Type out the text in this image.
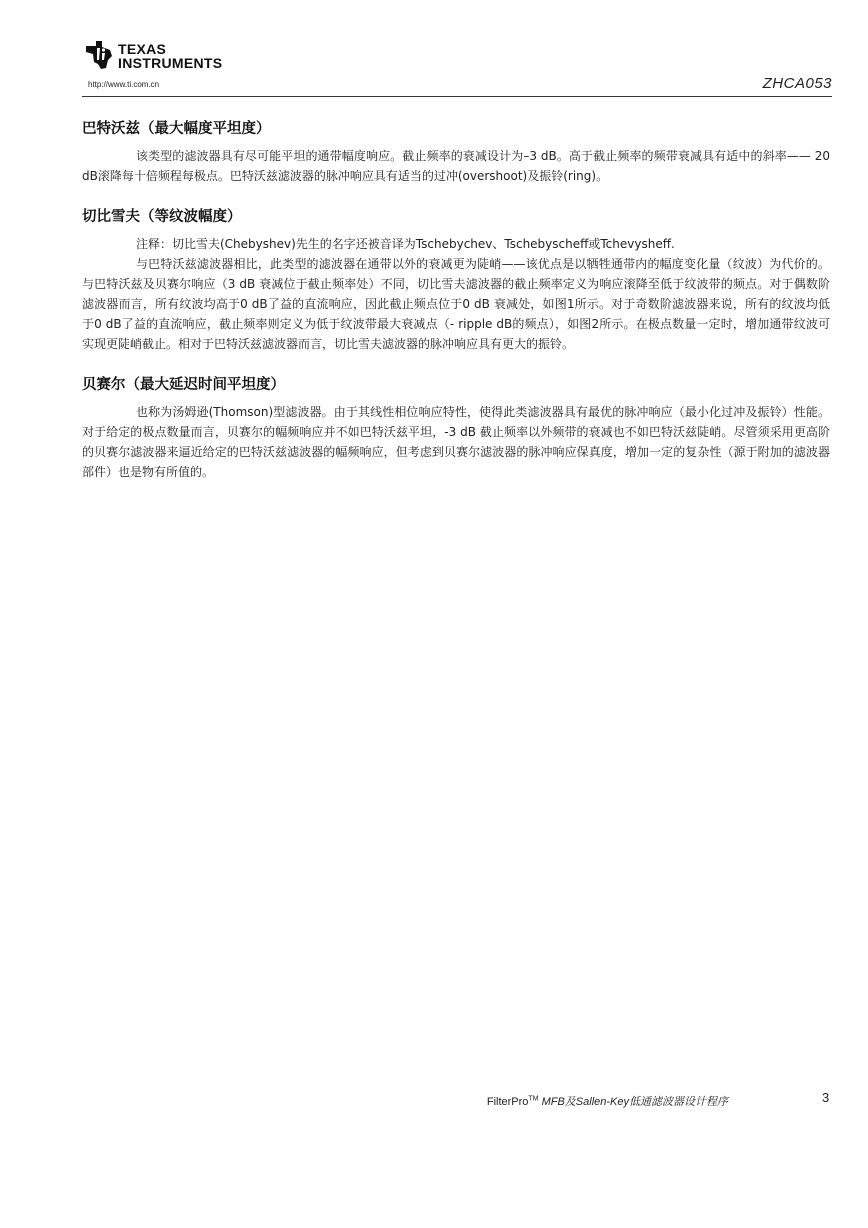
TEXAS
INSTRUMENTS
http://www.ti.com.cn	ZHCA053
巴特沃兹（最大幅度平坦度）

该类型的滤波器具有尽可能平坦的通带幅度响应。截止频率的衰减设计为–3 dB。高于截止频率的频带衰减具有适中的斜率—— 20 dB滚降每十倍频程每极点。巴特沃兹滤波器的脉冲响应具有适当的过冲(overshoot)及振铃(ring)。

切比雪夫（等纹波幅度）

注释：切比雪夫(Chebyshev)先生的名字还被音译为Tschebychev、Tschebyscheff或Tchevysheff.

与巴特沃兹滤波器相比，此类型的滤波器在通带以外的衰减更为陡峭——该优点是以牺牲通带内的幅度变化量（纹波）为代价的。与巴特沃兹及贝赛尔响应（3 dB 衰减位于截止频率处）不同，切比雪夫滤波器的截止频率定义为响应滚降至低于纹波带的频点。对于偶数阶滤波器而言，所有纹波均高于0 dB了益的直流响应，因此截止频点位于0 dB 衰减处，如图1所示。对于奇数阶滤波器来说，所有的纹波均低于0 dB了益的直流响应，截止频率则定义为低于纹波带最大衰减点（- ripple dB的频点），如图2所示。在极点数量一定时，增加通带纹波可实现更陡峭截止。相对于巴特沃兹滤波器而言，切比雪夫滤波器的脉冲响应具有更大的振铃。

贝赛尔（最大延迟时间平坦度）

也称为汤姆逊(Thomson)型滤波器。由于其线性相位响应特性，使得此类滤波器具有最优的脉冲响应（最小化过冲及振铃）性能。对于给定的极点数量而言，贝赛尔的幅频响应并不如巴特沃兹平坦，-3 dB 截止频率以外频带的衰减也不如巴特沃兹陡峭。尽管须采用更高阶的贝赛尔滤波器来逼近给定的巴特沃兹滤波器的幅频响应，但考虑到贝赛尔滤波器的脉冲响应保真度，增加一定的复杂性（源于附加的滤波器部件）也是物有所值的。

FilterPro™ MFB及Sallen-Key低通滤波器设计程序	3
